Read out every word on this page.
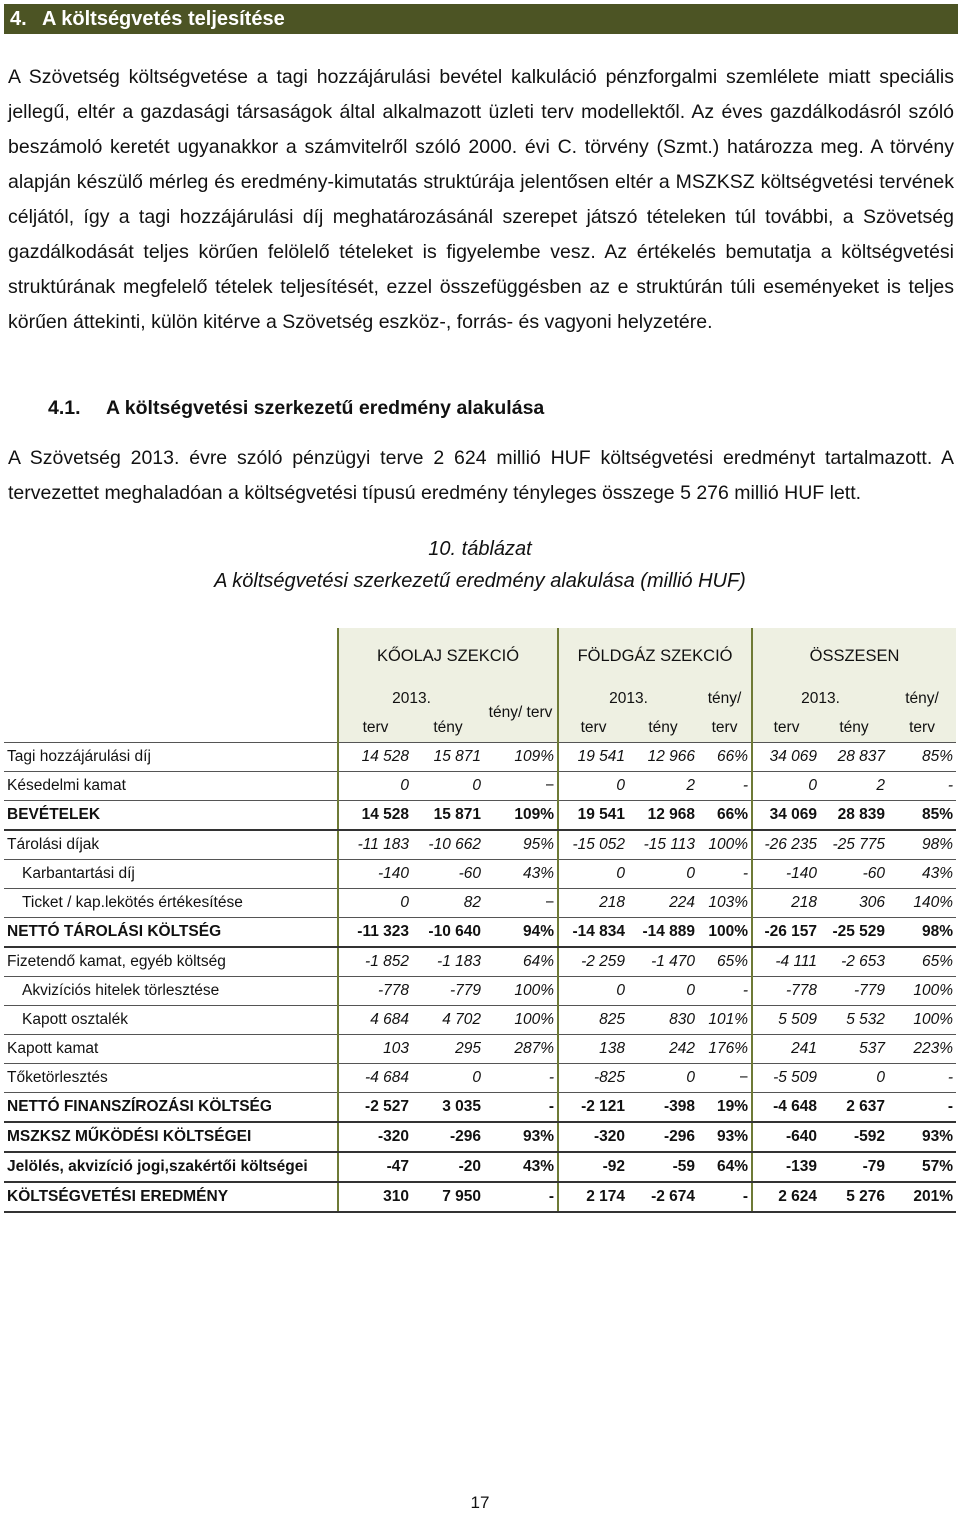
4. A költségvetés teljesítése

A Szövetség költségvetése a tagi hozzájárulási bevétel kalkuláció pénzforgalmi szemlélete miatt speciális jellegű, eltér a gazdasági társaságok által alkalmazott üzleti terv modellektől. Az éves gazdálkodásról szóló beszámoló keretét ugyanakkor a számvitelről szóló 2000. évi C. törvény (Szmt.) határozza meg. A törvény alapján készülő mérleg és eredmény-kimutatás struktúrája jelentősen eltér a MSZKSZ költségvetési tervének céljától, így a tagi hozzájárulási díj meghatározásánál szerepet játszó tételeken túl további, a Szövetség gazdálkodását teljes körűen felölelő tételeket is figyelembe vesz. Az értékelés bemutatja a költségvetési struktúrának megfelelő tételek teljesítését, ezzel összefüggésben az e struktúrán túli eseményeket is teljes körűen áttekinti, külön kitérve a Szövetség eszköz-, forrás- és vagyoni helyzetére.

4.1. A költségvetési szerkezetű eredmény alakulása

A Szövetség 2013. évre szóló pénzügyi terve 2 624 millió HUF költségvetési eredményt tartalmazott. A tervezettet meghaladóan a költségvetési típusú eredmény tényleges összege 5 276 millió HUF lett.

10. táblázat
A költségvetési szerkezetű eredmény alakulása (millió HUF)
	KŐOLAJ SZEKCIÓ			FÖLDGÁZ SZEKCIÓ			ÖSSZESEN		
	2013.		tény/ terv	2013.		tény/	2013.		tény/
	terv	tény		terv	tény	terv	terv	tény	terv
Tagi hozzájárulási díj	14 528	15 871	109%	19 541	12 966	66%	34 069	28 837	85%
Késedelmi kamat	0	0	−	0	2	-	0	2	-
BEVÉTELEK	14 528	15 871	109%	19 541	12 968	66%	34 069	28 839	85%
Tárolási díjak	-11 183	-10 662	95%	-15 052	-15 113	100%	-26 235	-25 775	98%
Karbantartási díj	-140	-60	43%	0	0	-	-140	-60	43%
Ticket / kap.lekötés értékesítése	0	82	−	218	224	103%	218	306	140%
NETTÓ TÁROLÁSI KÖLTSÉG	-11 323	-10 640	94%	-14 834	-14 889	100%	-26 157	-25 529	98%
Fizetendő kamat, egyéb költség	-1 852	-1 183	64%	-2 259	-1 470	65%	-4 111	-2 653	65%
Akvizíciós hitelek törlesztése	-778	-779	100%	0	0	-	-778	-779	100%
Kapott osztalék	4 684	4 702	100%	825	830	101%	5 509	5 532	100%
Kapott kamat	103	295	287%	138	242	176%	241	537	223%
Tőketörlesztés	-4 684	0	-	-825	0	−	-5 509	0	-
NETTÓ FINANSZÍROZÁSI KÖLTSÉG	-2 527	3 035	-	-2 121	-398	19%	-4 648	2 637	-
MSZKSZ MŰKÖDÉSI KÖLTSÉGEI	-320	-296	93%	-320	-296	93%	-640	-592	93%
Jelölés, akvizíció jogi,szakértői költségei	-47	-20	43%	-92	-59	64%	-139	-79	57%
KÖLTSÉGVETÉSI EREDMÉNY	310	7 950	-	2 174	-2 674	-	2 624	5 276	201%
17
